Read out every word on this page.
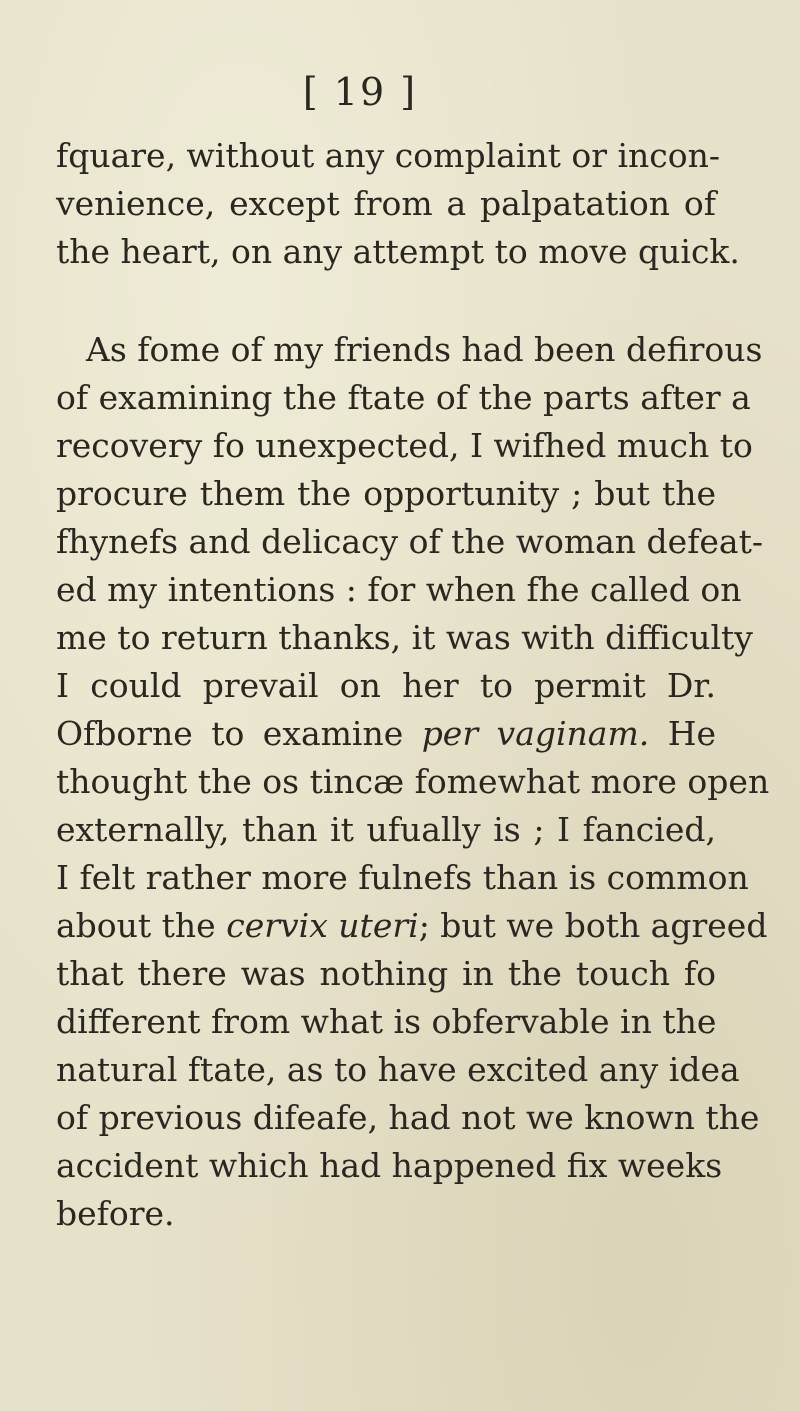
[ 19 ]
fquare, without any complaint or incon-
venience, except from a palpatation of
the heart, on any attempt to move quick.
As fome of my friends had been defirous
of examining the ftate of the parts after a
recovery fo unexpected, I wifhed much to
procure them the opportunity ; but the
fhynefs and delicacy of the woman defeat-
ed my intentions : for when fhe called on
me to return thanks, it was with difficulty
I could prevail on her to permit Dr.
Ofborne to examine per vaginam. He
thought the os tincæ fomewhat more open
externally, than it ufually is ; I fancied,
I felt rather more fulnefs than is common
about the cervix uteri; but we both agreed
that there was nothing in the touch fo
different from what is obfervable in the
natural ftate, as to have excited any idea
of previous difeafe, had not we known the
accident which had happened fix weeks
before.
